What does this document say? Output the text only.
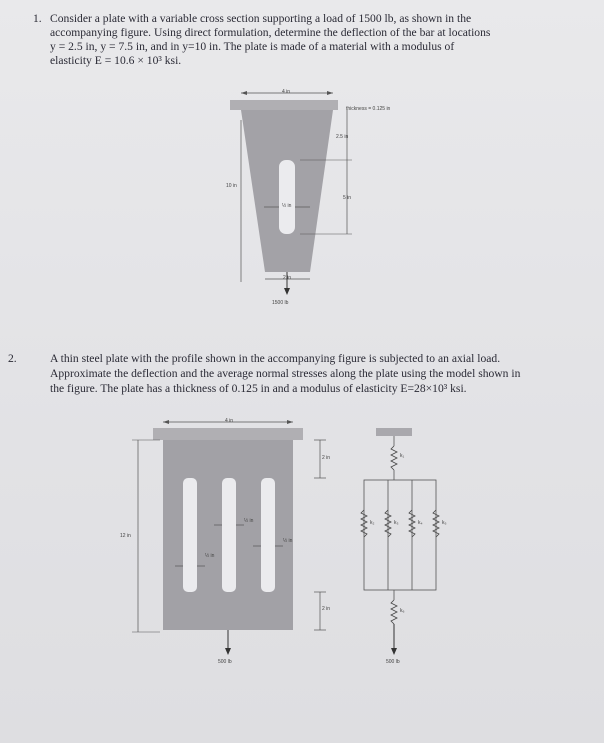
1. Consider a plate with a variable cross section supporting a load of 1500 lb, as shown in the
accompanying figure. Using direct formulation, determine the deflection of the bar at locations
y = 2.5 in, y = 7.5 in, and in y=10 in. The plate is made of a material with a modulus of
elasticity E = 10.6 × 10³ ksi.
4 in
thickness = 0.125 in
2.5 in
10 in
½ in
5 in
2 in
1500 lb
2.	A thin steel plate with the profile shown in the accompanying figure is subjected to an axial load.
Approximate the deflection and the average normal stresses along the plate using the model shown in
the figure. The plate has a thickness of 0.125 in and a modulus of elasticity E=28×10³ ksi.
4 in
12 in
½ in
½ in
½ in
2 in
2 in
500 lb
k₁
k₂	k₃	k₄	k₅
k₆
500 lb
